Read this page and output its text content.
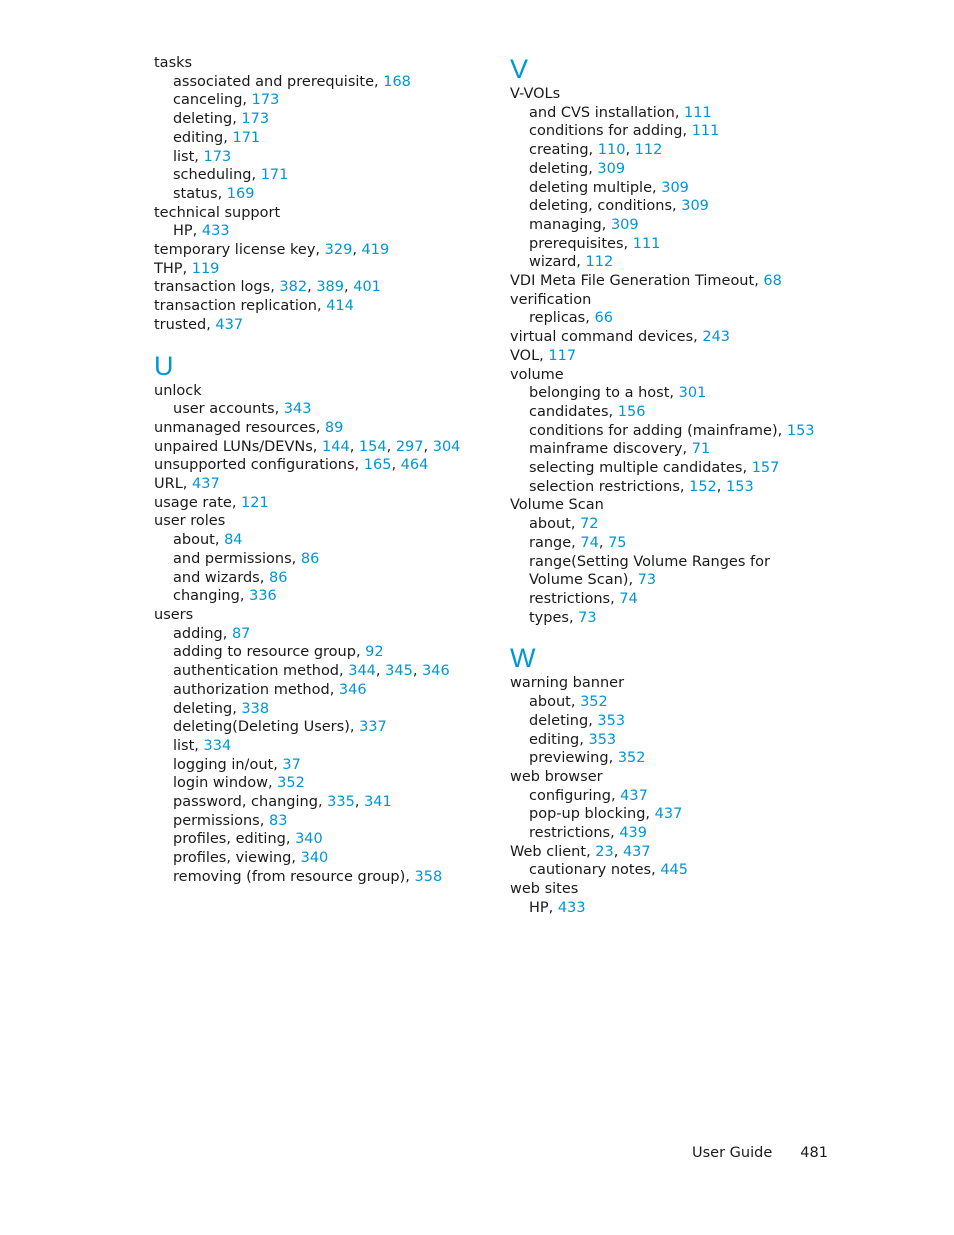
tasks
associated and prerequisite, 168
canceling, 173
deleting, 173
editing, 171
list, 173
scheduling, 171
status, 169
technical support
HP, 433
temporary license key, 329, 419
THP, 119
transaction logs, 382, 389, 401
transaction replication, 414
trusted, 437
U
unlock
user accounts, 343
unmanaged resources, 89
unpaired LUNs/DEVNs, 144, 154, 297, 304
unsupported configurations, 165, 464
URL, 437
usage rate, 121
user roles
about, 84
and permissions, 86
and wizards, 86
changing, 336
users
adding, 87
adding to resource group, 92
authentication method, 344, 345, 346
authorization method, 346
deleting, 338
deleting(Deleting Users), 337
list, 334
logging in/out, 37
login window, 352
password, changing, 335, 341
permissions, 83
profiles, editing, 340
profiles, viewing, 340
removing (from resource group), 358
V
V-VOLs
and CVS installation, 111
conditions for adding, 111
creating, 110, 112
deleting, 309
deleting multiple, 309
deleting, conditions, 309
managing, 309
prerequisites, 111
wizard, 112
VDI Meta File Generation Timeout, 68
verification
replicas, 66
virtual command devices, 243
VOL, 117
volume
belonging to a host, 301
candidates, 156
conditions for adding (mainframe), 153
mainframe discovery, 71
selecting multiple candidates, 157
selection restrictions, 152, 153
Volume Scan
about, 72
range, 74, 75
range(Setting Volume Ranges for Volume Scan), 73
restrictions, 74
types, 73
W
warning banner
about, 352
deleting, 353
editing, 353
previewing, 352
web browser
configuring, 437
pop-up blocking, 437
restrictions, 439
Web client, 23, 437
cautionary notes, 445
web sites
HP, 433
User Guide 481
